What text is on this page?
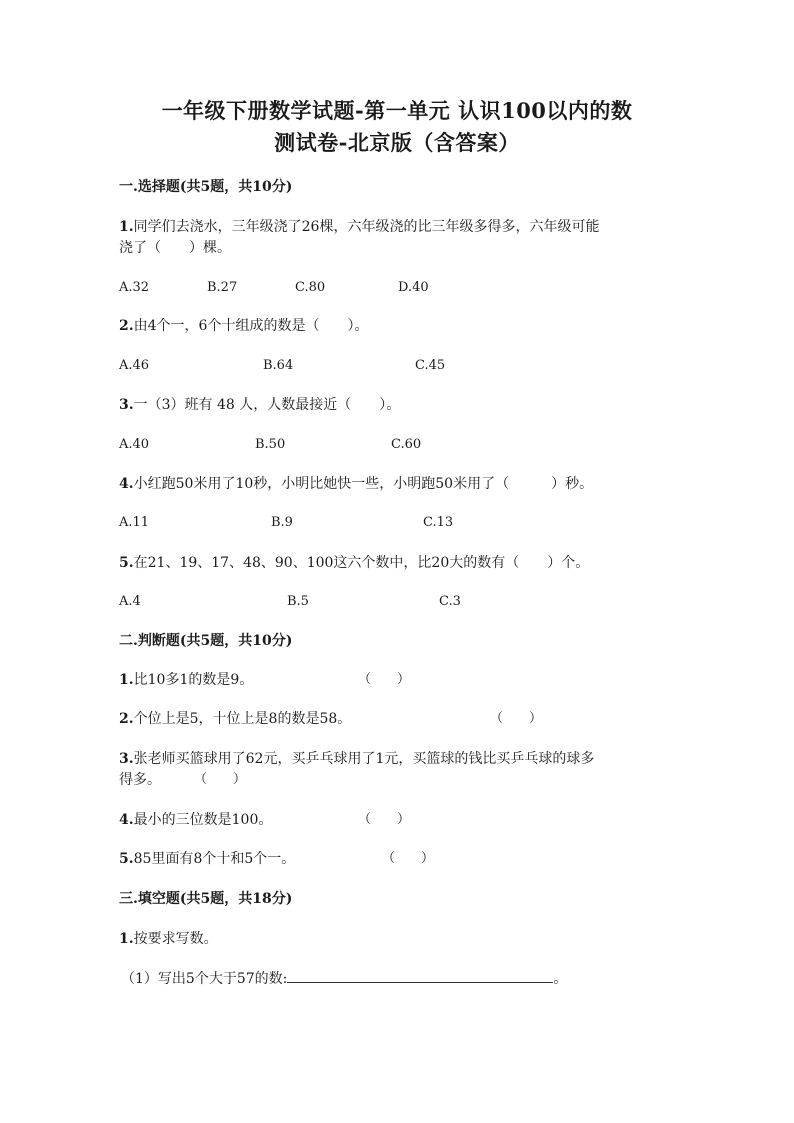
一年级下册数学试题-第一单元 认识100以内的数
测试卷-北京版（含答案）
一.选择题(共5题，共10分)
1.同学们去浇水，三年级浇了26棵，六年级浇的比三年级多得多，六年级可能
浇了（　　）棵。
A.32	B.27	C.80	D.40
2.由4个一，6个十组成的数是（　　）。
A.46	B.64	C.45
3.一（3）班有 48 人，人数最接近（　　）。
A.40	B.50	C.60
4.小红跑50米用了10秒，小明比她快一些，小明跑50米用了（　　　）秒。
A.11	B.9	C.13
5.在21、19、17、48、90、100这六个数中，比20大的数有（　　）个。
A.4	B.5	C.3
二.判断题(共5题，共10分)
1.比10多1的数是9。	（　　）
2.个位上是5，十位上是8的数是58。	（　　）
3.张老师买篮球用了62元，买乒乓球用了1元，买篮球的钱比买乒乓球的球多
得多。	（　　）
4.最小的三位数是100。	（　　）
5.85里面有8个十和5个一。	（　　）
三.填空题(共5题，共18分)
1.按要求写数。
（1）写出5个大于57的数:	。
